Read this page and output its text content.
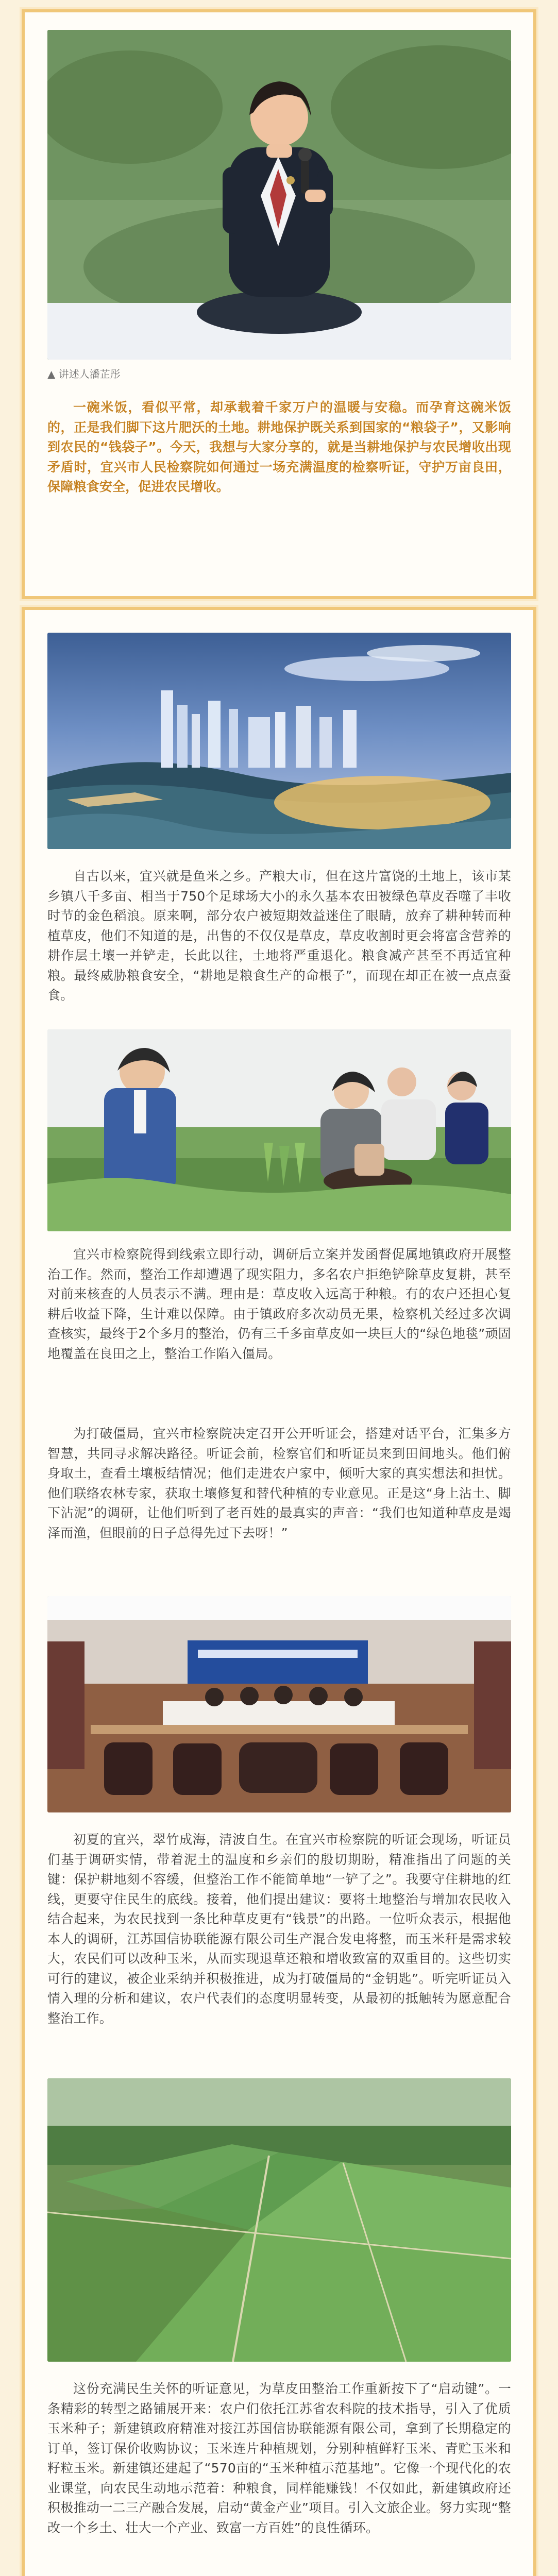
▲ 讲述人潘芷彤
一碗米饭，看似平常，却承载着千家万户的温暖与安稳。而孕育这碗米饭的，正是我们脚下这片肥沃的土地。耕地保护既关系到国家的“粮袋子”，又影响到农民的“钱袋子”。今天，我想与大家分享的，就是当耕地保护与农民增收出现矛盾时，宜兴市人民检察院如何通过一场充满温度的检察听证，守护万亩良田，保障粮食安全，促进农民增收。
自古以来，宜兴就是鱼米之乡。产粮大市，但在这片富饶的土地上，该市某乡镇八千多亩、相当于750个足球场大小的永久基本农田被绿色草皮吞噬了丰收时节的金色稻浪。原来啊，部分农户被短期效益迷住了眼睛，放弃了耕种转而种植草皮，他们不知道的是，出售的不仅仅是草皮，草皮收割时更会将富含营养的耕作层土壤一并铲走，长此以往，土地将严重退化。粮食减产甚至不再适宜种粮。最终威胁粮食安全，“耕地是粮食生产的命根子”，而现在却正在被一点点蚕食。
宜兴市检察院得到线索立即行动，调研后立案并发函督促属地镇政府开展整治工作。然而，整治工作却遭遇了现实阻力，多名农户拒绝铲除草皮复耕，甚至对前来核查的人员表示不满。理由是：草皮收入远高于种粮。有的农户还担心复耕后收益下降，生计难以保障。由于镇政府多次动员无果，检察机关经过多次调查核实，最终于2个多月的整治，仍有三千多亩草皮如一块巨大的“绿色地毯”顽固地覆盖在良田之上，整治工作陷入僵局。
为打破僵局，宜兴市检察院决定召开公开听证会，搭建对话平台，汇集多方智慧，共同寻求解决路径。听证会前，检察官们和听证员来到田间地头。他们俯身取土，查看土壤板结情况；他们走进农户家中，倾听大家的真实想法和担忧。他们联络农林专家，获取土壤修复和替代种植的专业意见。正是这“身上沾土、脚下沾泥”的调研，让他们听到了老百姓的最真实的声音：“我们也知道种草皮是竭泽而渔，但眼前的日子总得先过下去呀！”
初夏的宜兴，翠竹成海，清波自生。在宜兴市检察院的听证会现场，听证员们基于调研实情，带着泥土的温度和乡亲们的殷切期盼，精准指出了问题的关键：保护耕地刻不容缓，但整治工作不能简单地“一铲了之”。我要守住耕地的红线，更要守住民生的底线。接着，他们提出建议：要将土地整治与增加农民收入结合起来，为农民找到一条比种草皮更有“钱景”的出路。一位听众表示，根据他本人的调研，江苏国信协联能源有限公司生产混合发电将整，而玉米秆是需求较大，农民们可以改种玉米，从而实现退草还粮和增收致富的双重目的。这些切实可行的建议，被企业采纳并积极推进，成为打破僵局的“金钥匙”。听完听证员入情入理的分析和建议，农户代表们的态度明显转变，从最初的抵触转为愿意配合整治工作。
这份充满民生关怀的听证意见，为草皮田整治工作重新按下了“启动键”。一条精彩的转型之路铺展开来：农户们依托江苏省农科院的技术指导，引入了优质玉米种子；新建镇政府精准对接江苏国信协联能源有限公司，拿到了长期稳定的订单，签订保价收购协议；玉米连片种植规划，分别种植鲜籽玉米、青贮玉米和籽粒玉米。新建镇还建起了“570亩的“玉米种植示范基地”。它像一个现代化的农业课堂，向农民生动地示范着：种粮食，同样能赚钱！不仅如此，新建镇政府还积极推动一二三产融合发展，启动“黄金产业”项目。引入文旅企业。努力实现“整改一个乡土、壮大一个产业、致富一方百姓”的良性循环。
